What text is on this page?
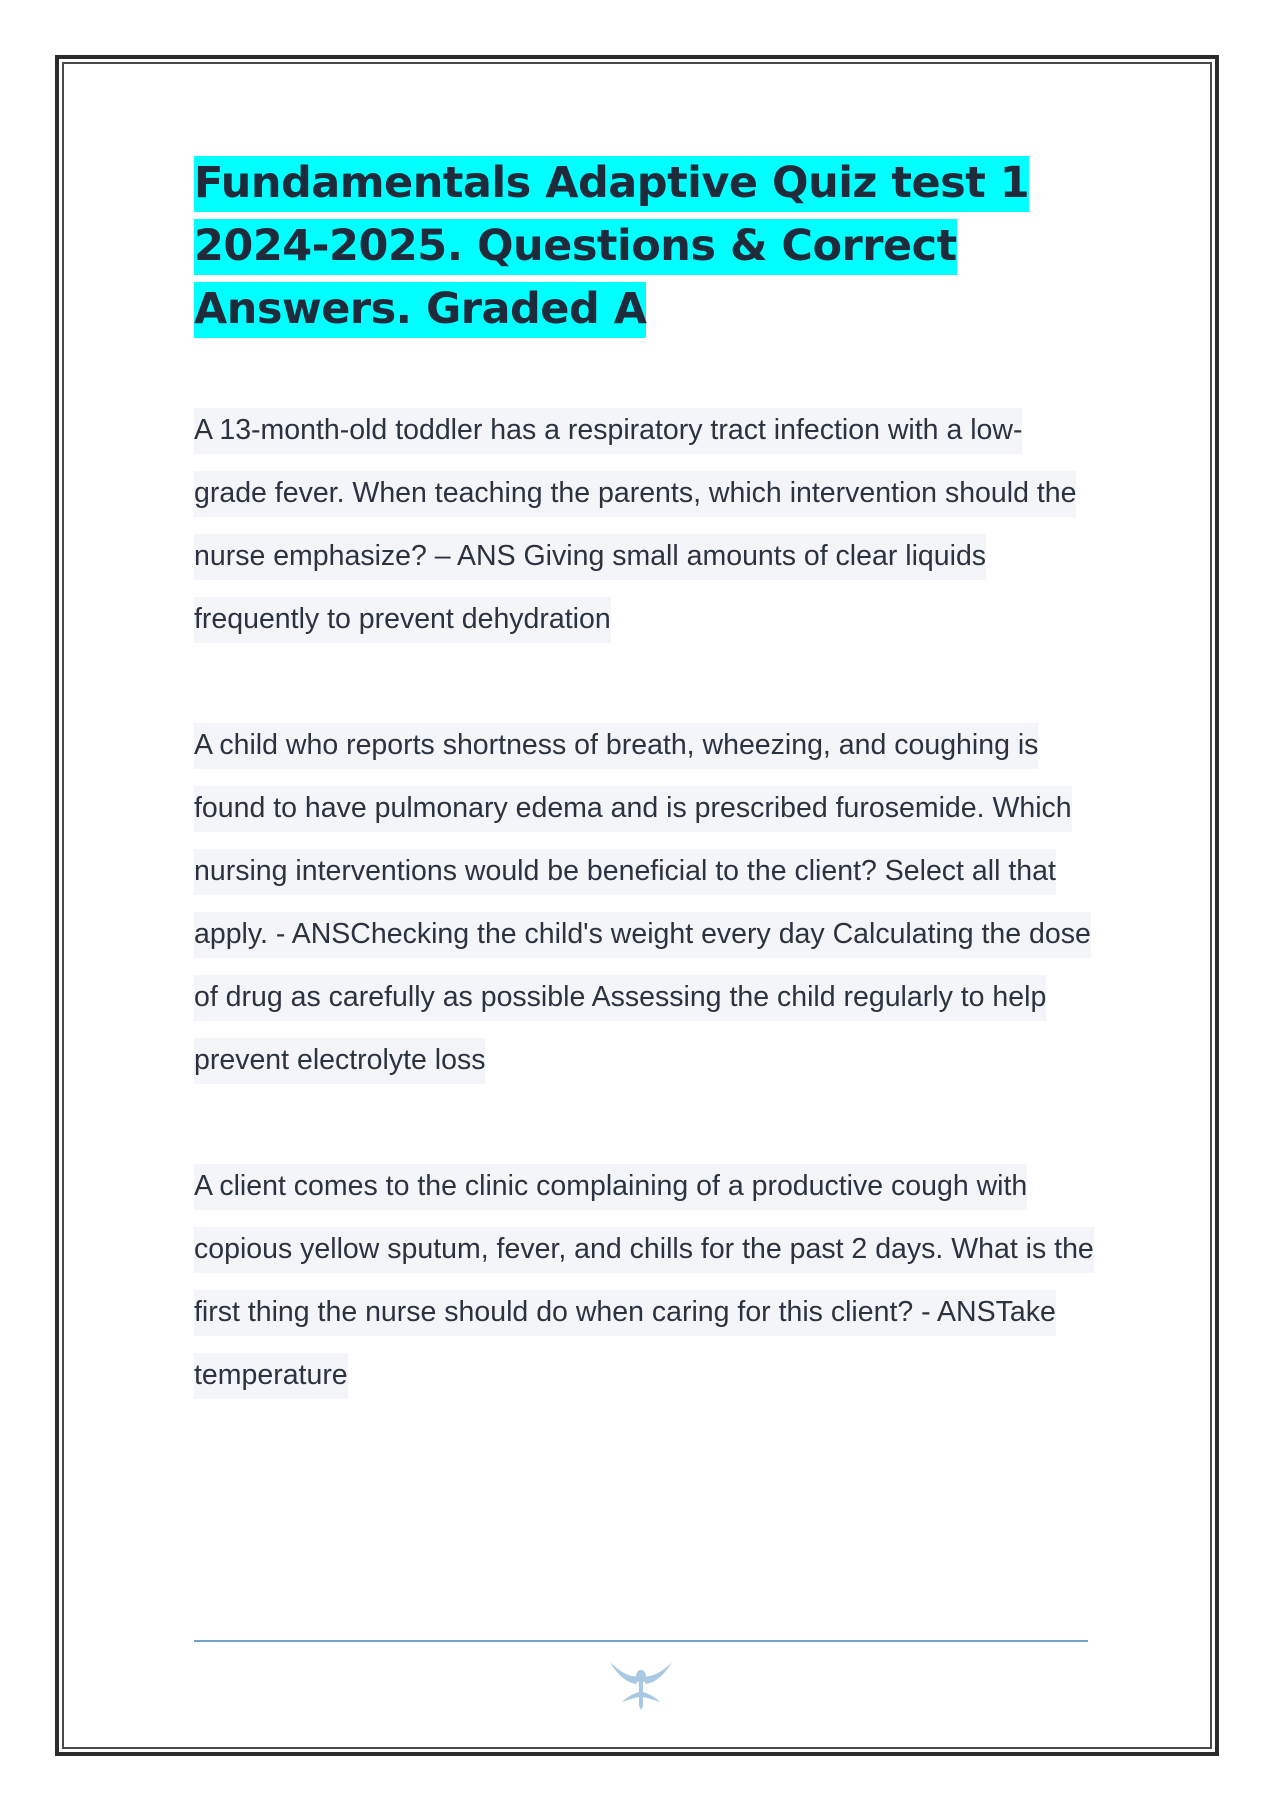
Fundamentals Adaptive Quiz test 1 2024-2025. Questions & Correct Answers. Graded A

A 13-month-old toddler has a respiratory tract infection with a low-grade fever. When teaching the parents, which intervention should the nurse emphasize? – ANS Giving small amounts of clear liquids frequently to prevent dehydration

A child who reports shortness of breath, wheezing, and coughing is found to have pulmonary edema and is prescribed furosemide. Which nursing interventions would be beneficial to the client? Select all that apply. - ANSChecking the child's weight every day Calculating the dose of drug as carefully as possible Assessing the child regularly to help prevent electrolyte loss

A client comes to the clinic complaining of a productive cough with copious yellow sputum, fever, and chills for the past 2 days. What is the first thing the nurse should do when caring for this client? - ANSTake temperature
